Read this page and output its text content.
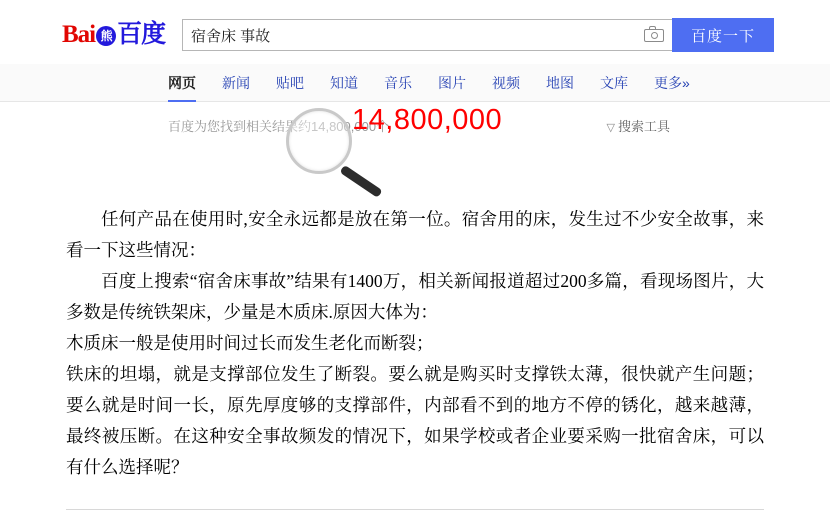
Bai 熊 百度
宿舍床 事故	百度一下
网页 新闻 贴吧 知道 音乐 图片 视频 地图 文库 更多»
百度为您找到相关结果约14,800,000个	▽ 搜索工具
14,800,000

任何产品在使用时,安全永远都是放在第一位。宿舍用的床，发生过不少安全故事，来看一下这些情况：

百度上搜索“宿舍床事故”结果有1400万，相关新闻报道超过200多篇，看现场图片，大多数是传统铁架床，少量是木质床.原因大体为：

木质床一般是使用时间过长而发生老化而断裂；

铁床的坦塌，就是支撑部位发生了断裂。要么就是购买时支撑铁太薄，很快就产生问题；要么就是时间一长，原先厚度够的支撑部件，内部看不到的地方不停的锈化，越来越薄，最终被压断。在这种安全事故频发的情况下，如果学校或者企业要采购一批宿舍床，可以有什么选择呢？
